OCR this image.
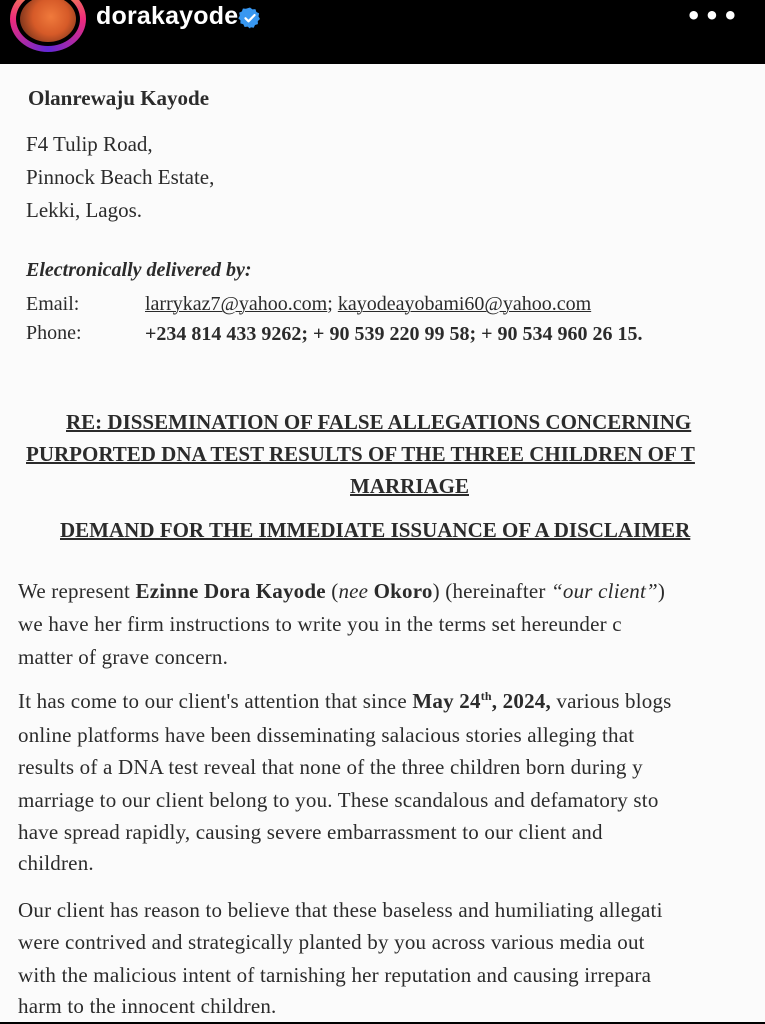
dorakayode	•••
Olanrewaju Kayode
F4 Tulip Road,
Pinnock Beach Estate,
Lekki, Lagos.
Electronically delivered by:
Email:	larrykaz7@yahoo.com; kayodeayobami60@yahoo.com
Phone:	+234 814 433 9262; + 90 539 220 99 58; + 90 534 960 26 15.
RE: DISSEMINATION OF FALSE ALLEGATIONS CONCERNING
PURPORTED DNA TEST RESULTS OF THE THREE CHILDREN OF T
MARRIAGE
DEMAND FOR THE IMMEDIATE ISSUANCE OF A DISCLAIMER
We represent Ezinne Dora Kayode (nee Okoro) (hereinafter “our client”)
we have her firm instructions to write you in the terms set hereunder c
matter of grave concern.
It has come to our client's attention that since May 24th, 2024, various blogs
online platforms have been disseminating salacious stories alleging that
results of a DNA test reveal that none of the three children born during y
marriage to our client belong to you. These scandalous and defamatory sto
have spread rapidly, causing severe embarrassment to our client and
children.
Our client has reason to believe that these baseless and humiliating allegati
were contrived and strategically planted by you across various media out
with the malicious intent of tarnishing her reputation and causing irrepara
harm to the innocent children.
